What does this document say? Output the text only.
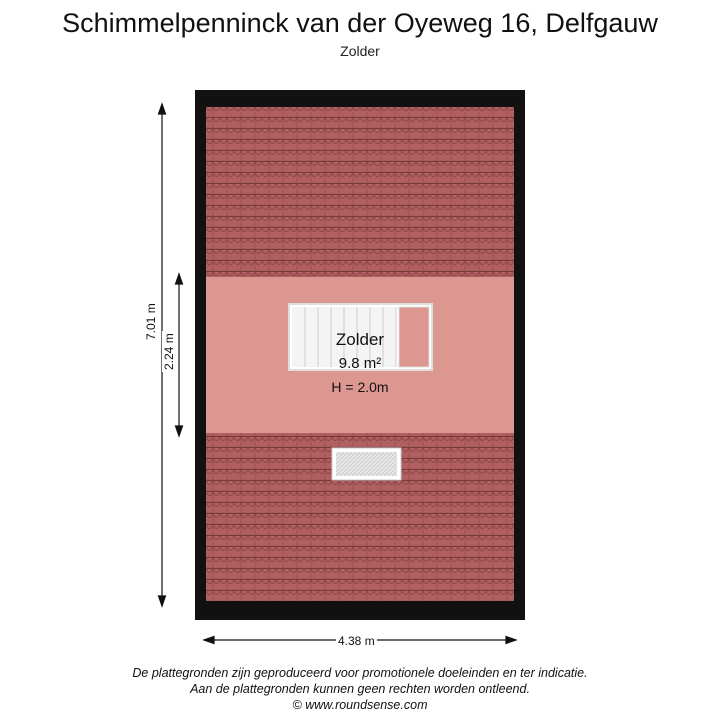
Schimmelpenninck van der Oyeweg 16, Delfgauw
Zolder
Zolder
9.8 m²
H = 2.0m
7.01 m
2.24 m
4.38 m
De plattegronden zijn geproduceerd voor promotionele doeleinden en ter indicatie.
Aan de plattegronden kunnen geen rechten worden ontleend.
© www.roundsense.com
